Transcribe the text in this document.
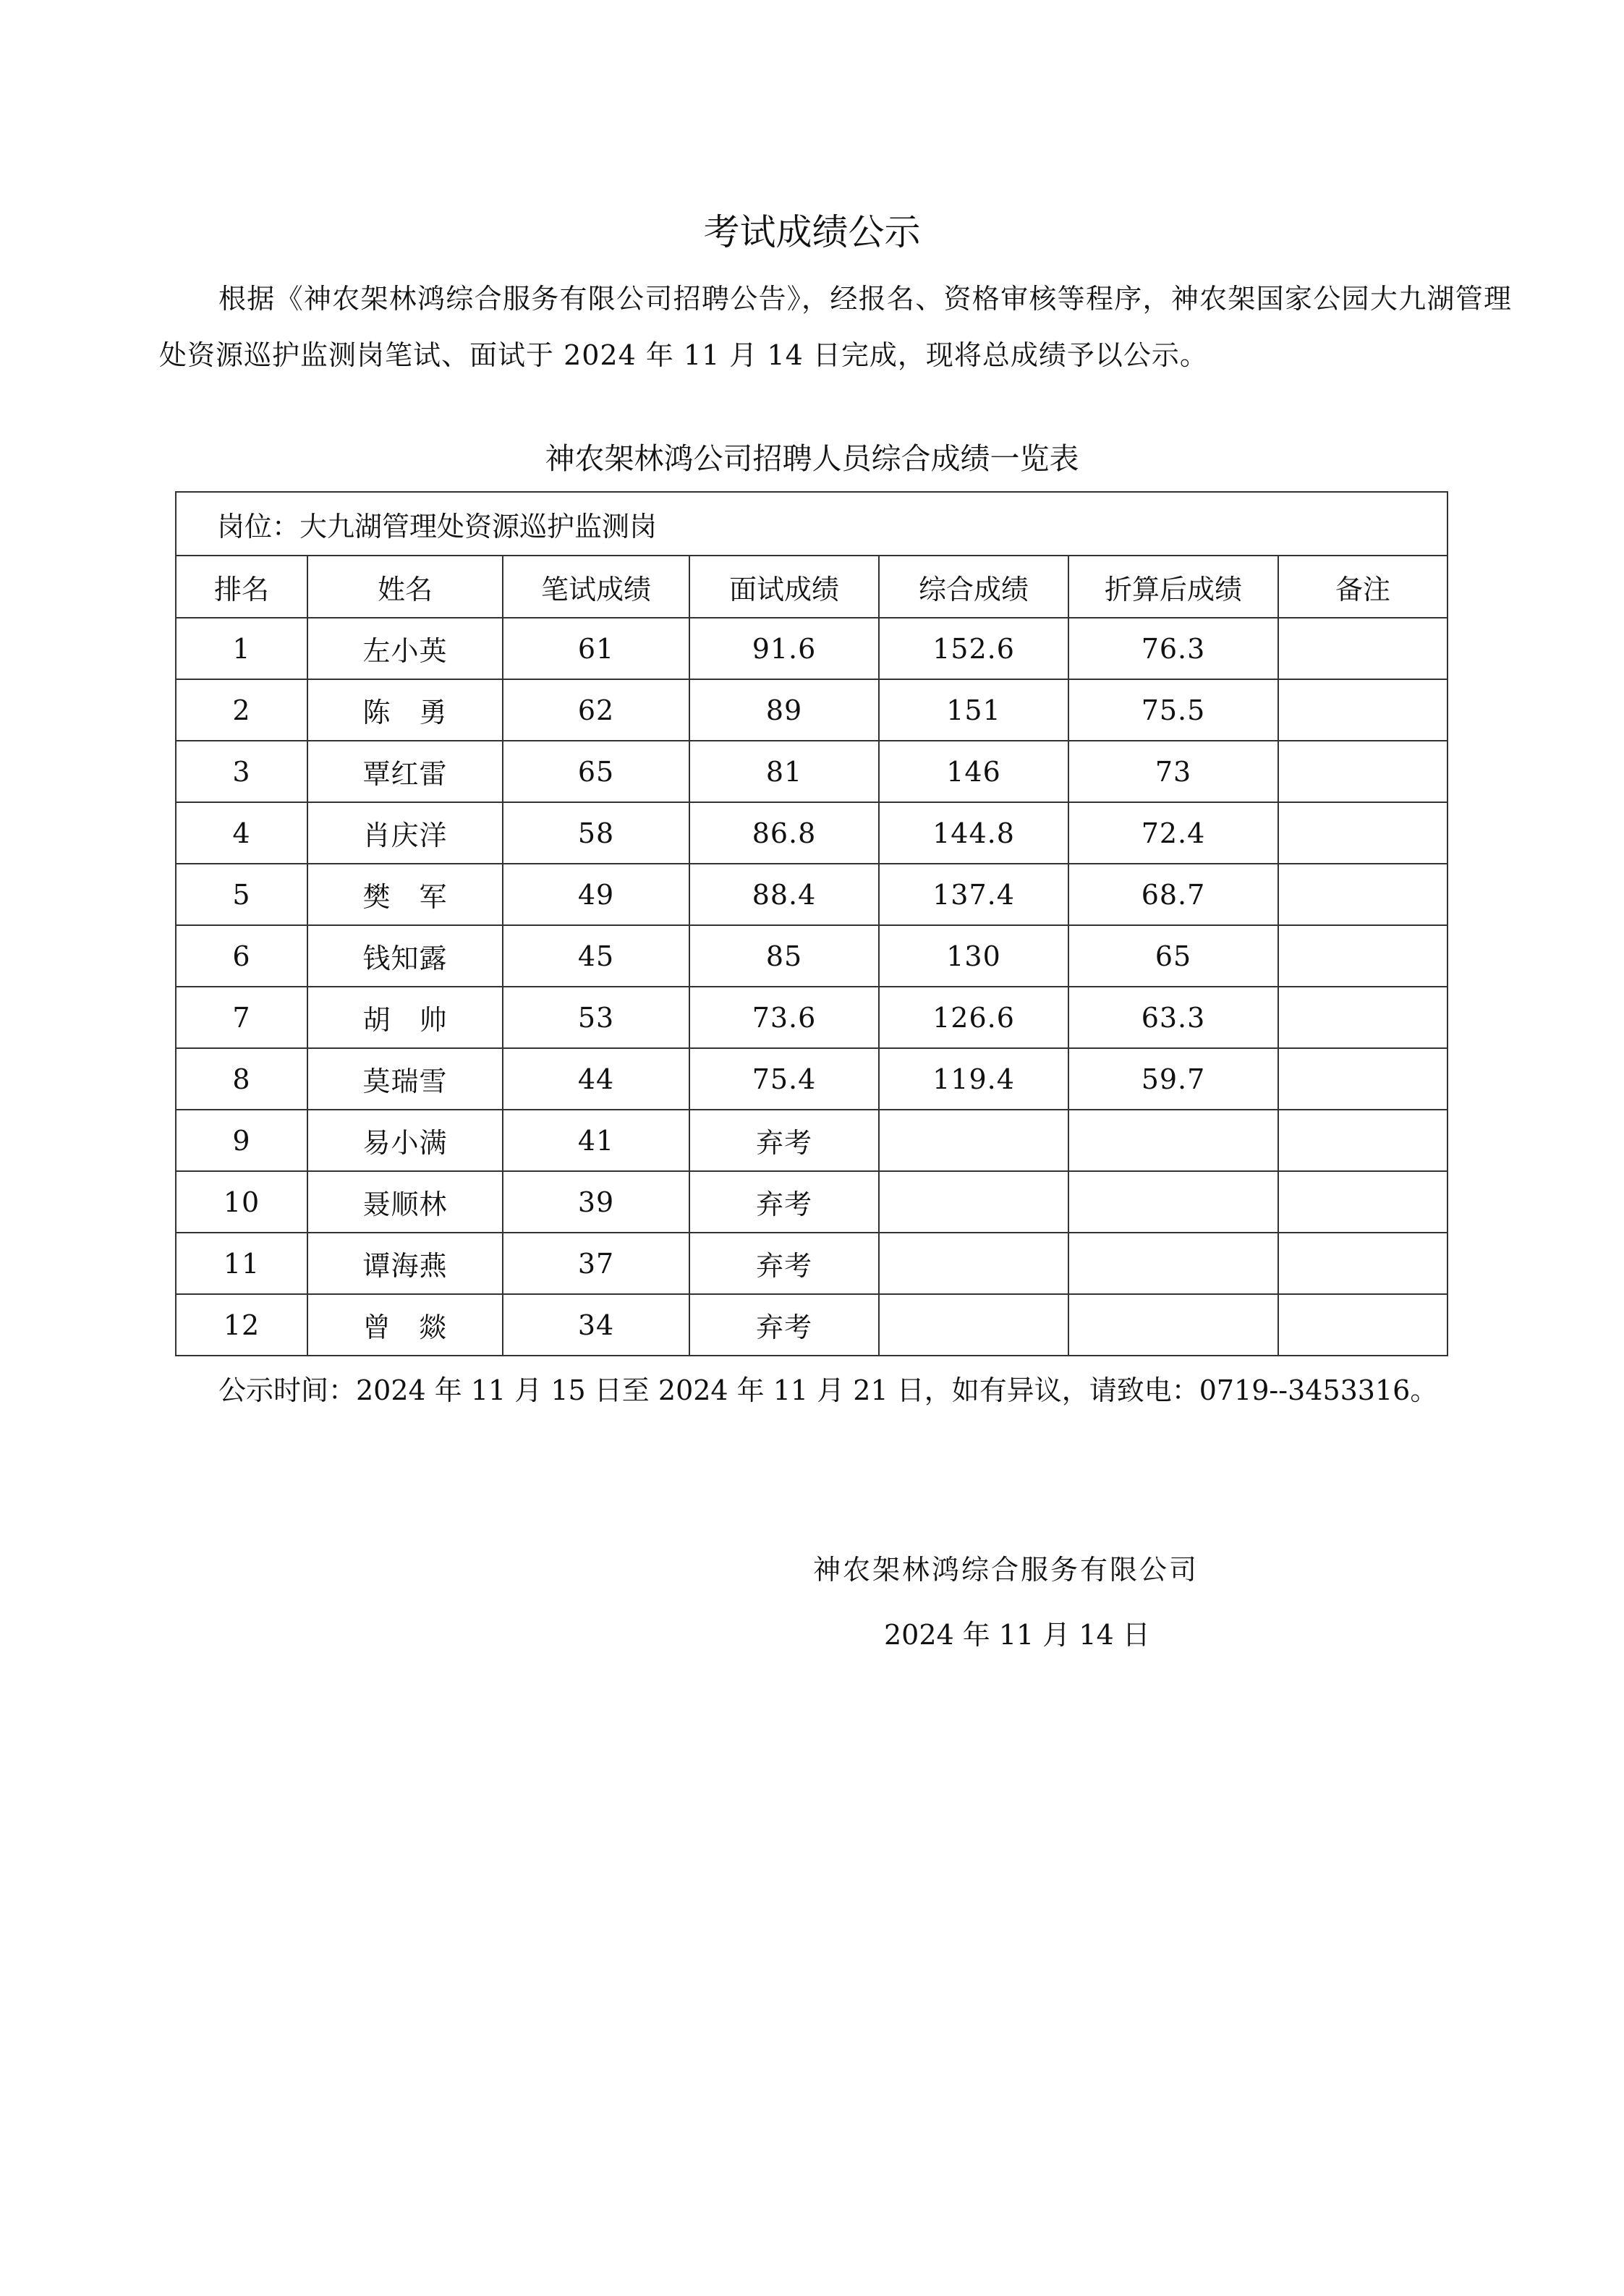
考试成绩公示
根据《神农架林鸿综合服务有限公司招聘公告》，经报名、资格审核等程序，神农架国家公园大九湖管理处资源巡护监测岗笔试、面试于 2024 年 11 月 14 日完成，现将总成绩予以公示。
神农架林鸿公司招聘人员综合成绩一览表
岗位：大九湖管理处资源巡护监测岗						
排名	姓名	笔试成绩	面试成绩	综合成绩	折算后成绩	备注
1	左小英	61	91.6	152.6	76.3	
2	陈　勇	62	89	151	75.5	
3	覃红雷	65	81	146	73	
4	肖庆洋	58	86.8	144.8	72.4	
5	樊　军	49	88.4	137.4	68.7	
6	钱知露	45	85	130	65	
7	胡　帅	53	73.6	126.6	63.3	
8	莫瑞雪	44	75.4	119.4	59.7	
9	易小满	41	弃考			
10	聂顺林	39	弃考			
11	谭海燕	37	弃考			
12	曾　燚	34	弃考			
公示时间：2024 年 11 月 15 日至 2024 年 11 月 21 日，如有异议，请致电：0719--3453316。
神农架林鸿综合服务有限公司
2024 年 11 月 14 日
